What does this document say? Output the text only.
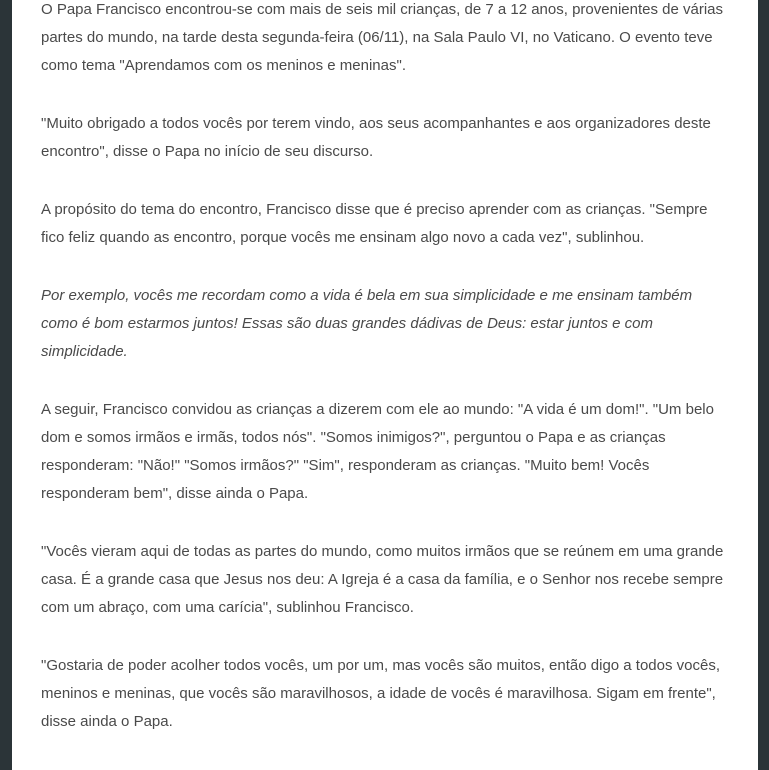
O Papa Francisco encontrou-se com mais de seis mil crianças, de 7 a 12 anos, provenientes de várias partes do mundo, na tarde desta segunda-feira (06/11), na Sala Paulo VI, no Vaticano. O evento teve como tema "Aprendamos com os meninos e meninas".

"Muito obrigado a todos vocês por terem vindo, aos seus acompanhantes e aos organizadores deste encontro", disse o Papa no início de seu discurso.

A propósito do tema do encontro, Francisco disse que é preciso aprender com as crianças. "Sempre fico feliz quando as encontro, porque vocês me ensinam algo novo a cada vez", sublinhou.

Por exemplo, vocês me recordam como a vida é bela em sua simplicidade e me ensinam também como é bom estarmos juntos! Essas são duas grandes dádivas de Deus: estar juntos e com simplicidade.

A seguir, Francisco convidou as crianças a dizerem com ele ao mundo: "A vida é um dom!". "Um belo dom e somos irmãos e irmãs, todos nós". "Somos inimigos?", perguntou o Papa e as crianças responderam: "Não!" "Somos irmãos?" "Sim", responderam as crianças. "Muito bem! Vocês responderam bem", disse ainda o Papa.

"Vocês vieram aqui de todas as partes do mundo, como muitos irmãos que se reúnem em uma grande casa. É a grande casa que Jesus nos deu: A Igreja é a casa da família, e o Senhor nos recebe sempre com um abraço, com uma carícia", sublinhou Francisco.

"Gostaria de poder acolher todos vocês, um por um, mas vocês são muitos, então digo a todos vocês, meninos e meninas, que vocês são maravilhosos, a idade de vocês é maravilhosa. Sigam em frente", disse ainda o Papa.
